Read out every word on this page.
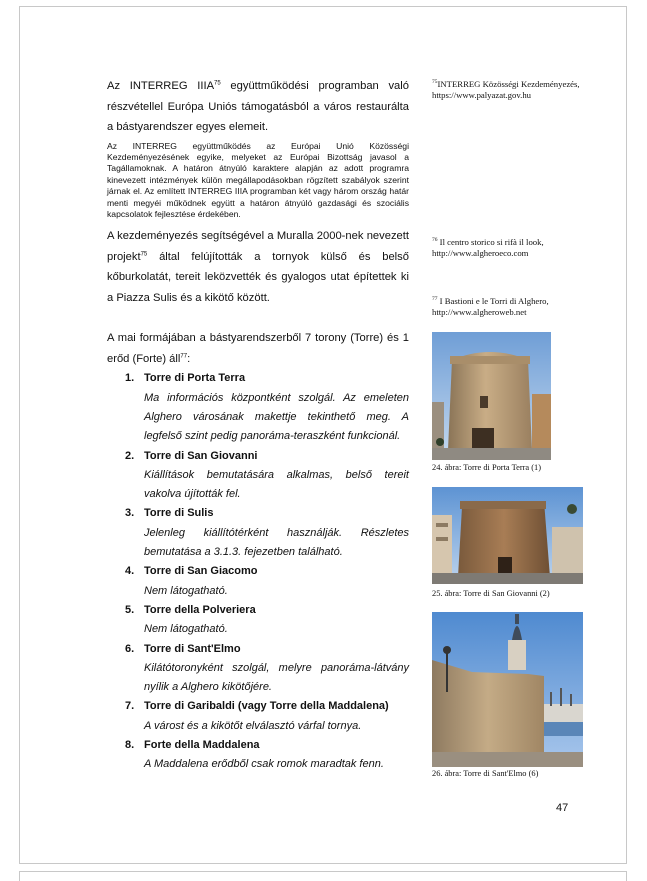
Az INTERREG IIIA$^{75}$ együttműködési programban való részvétellel Európa Uniós támogatásból a város restaurálta a bástyarendszer egyes elemeit.

Az INTERREG együttműködés az Európai Unió Közösségi Kezdeményezésének egyike, melyeket az Európai Bizottság javasol a Tagállamoknak. A határon átnyúló karaktere alapján az adott programra kinevezett intézmények külön megállapodásokban rögzített szabályok szerint járnak el. Az említett INTERREG IIIA programban két vagy három ország határ menti megyéi működnek együtt a határon átnyúló gazdasági és szociális kapcsolatok fejlesztése érdekében.

A kezdeményezés segítségével a Muralla 2000-nek nevezett projekt$^{75}$ által felújították a tornyok külső és belső kőburkolatát, tereit leközvették és gyalogos utat építettek ki a Piazza Sulis és a kikötő között.

A mai formájában a bástyarendszerből 7 torony (Torre) és 1 erőd (Forte) áll$^{77}$:

1. Torre di Porta Terra
Ma információs központként szolgál. Az emeleten Alghero városának makettje tekinthető meg. A legfelső szint pedig panoráma-teraszként funkcionál.
2. Torre di San Giovanni
Kiállítások bemutatására alkalmas, belső tereit vakolva újították fel.
3. Torre di Sulis
Jelenleg kiállítótérként használják. Részletes bemutatása a 3.1.3. fejezetben található.
4. Torre di San Giacomo
Nem látogatható.
5. Torre della Polveriera
Nem látogatható.
6. Torre di Sant'Elmo
Kilátótoronyként szolgál, melyre panoráma-látvány nyílik a Alghero kikötőjére.
7. Torre di Garibaldi (vagy Torre della Maddalena)
A várost és a kikötőt elválasztó várfal tornya.
8. Forte della Maddalena
A Maddalena erődből csak romok maradtak fenn.
$^{75}$INTERREG Közösségi Kezdeményezés, https://www.palyazat.gov.hu
$^{76}$ Il centro storico si rifà il look, http://www.algheroeco.com
$^{77}$ I Bastioni e le Torri di Alghero, http://www.algheroweb.net
24. ábra: Torre di Porta Terra (1)
25. ábra: Torre di San Giovanni (2)
26. ábra: Torre di Sant'Elmo (6)
47
